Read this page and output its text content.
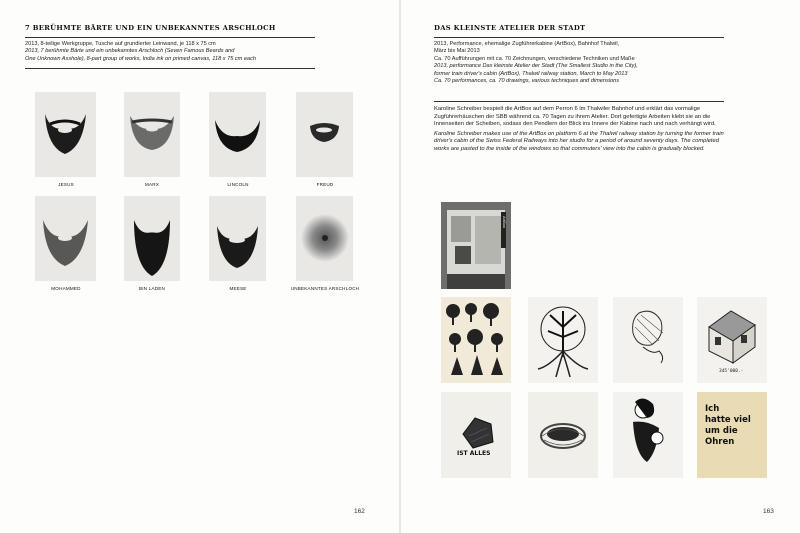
7 BERÜHMTE BÄRTE UND EIN UNBEKANNTES ARSCHLOCH

2013, 8-teilige Werkgruppe, Tusche auf grundierter Leinwand, je 118 x 75 cm

2013, 7 berühmte Bärte und ein unbekanntes Arschloch (Seven Famous Beards and

One Unknown Asshole), 8-part group of works, India ink on primed canvas, 118 x 75 cm each

JESUS	MARX	LINCOLN	FREUD
MOHAMMED	BIN LADEN	MEESE	UNBEKANNTES ARSCHLOCH
162
DAS KLEINSTE ATELIER DER STADT

2013, Performance, ehemalige Zugführerkabine (ArtBox), Bahnhof Thalwil,

März bis Mai 2013

Ca. 70 Aufführungen mit ca. 70 Zeichnungen, verschiedene Techniken und Maße

2013, performance Das kleinste Atelier der Stadt (The Smallest Studio in the City),

former train driver's cabin (ArtBox), Thalwil railway station, March to May 2013

Ca. 70 performances, ca. 70 drawings, various techniques and dimensions

Karoline Schreiber bespielt die ArtBox auf dem Perron 6 im Thalwiler Bahnhof und erklärt das vormalige Zugführerhäuschen der SBB während ca. 70 Tagen zu ihrem Atelier. Dort gefertigte Arbeiten klebt sie an die Innenseiten der Scheiben, sodass den Pendlern der Blick ins Innere der Kabine nach und nach verhängt wird.

Karoline Schreiber makes use of the ArtBox on platform 6 at the Thalwil railway station by turning the former train driver's cabin of the Swiss Federal Railways into her studio for a period of around seventy days. The completed works are pasted to the inside of the windows so that commuters' view into the cabin is gradually blocked.

ArtBox
345'000.-
IST ALLES
Ich
hatte viel
um die
Ohren
163
